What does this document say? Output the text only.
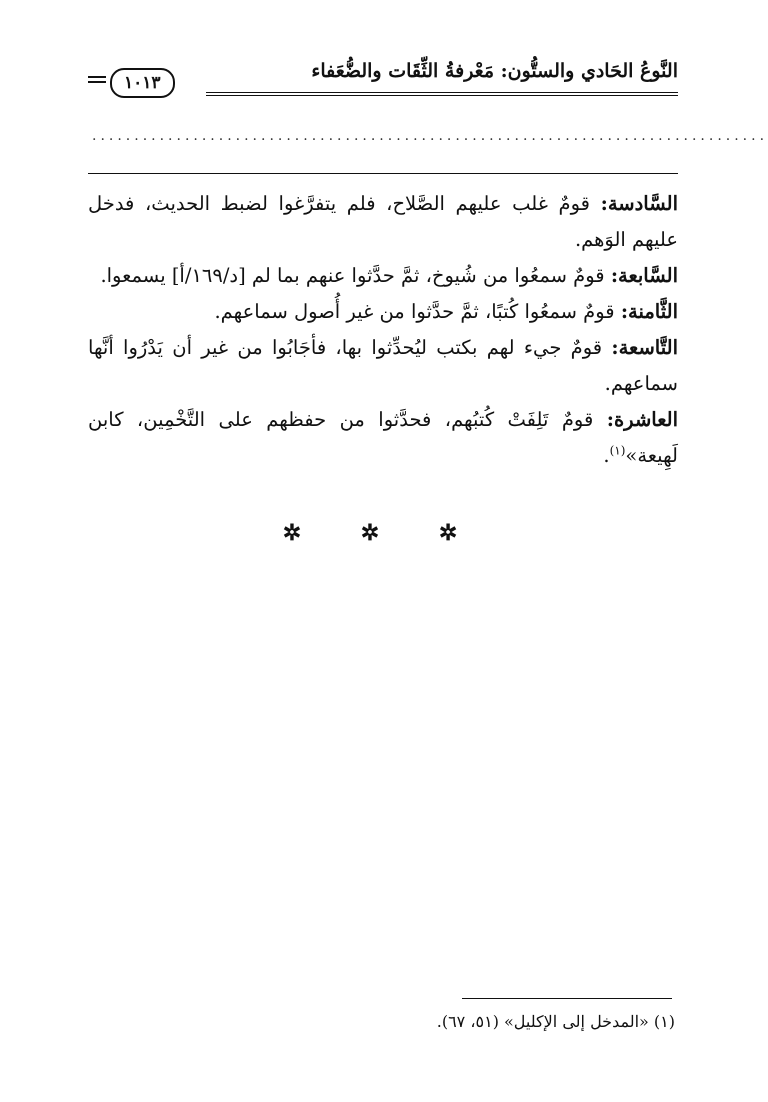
النَّوعُ الحَادي والستُّون: مَعْرفةُ الثِّقَات والضُّعَفاء
١٠١٣
................................................................................

السَّادسة: قومٌ غلب عليهم الصَّلاح، فلم يتفرَّغوا لضبط الحديث، فدخل عليهم الوَهم.

السَّابعة: قومٌ سمعُوا من شُيوخ، ثمَّ حدَّثوا عنهم بما لم [د/١٦٩/أ] يسمعوا.

الثَّامنة: قومٌ سمعُوا كُتبًا، ثمَّ حدَّثوا من غير أُصول سماعهم.

التَّاسعة: قومٌ جيء لهم بكتب ليُحدِّثوا بها، فأجَابُوا من غير أن يَدْرُوا أنَّها سماعهم.

العاشرة: قومٌ تَلِفَتْ كُتبُهم، فحدَّثوا من حفظهم على التَّخْمِين، كابن لَهِيعة»$^{(١)}$.

✲ ✲ ✲
(١) «المدخل إلى الإكليل» (٥١، ٦٧).
